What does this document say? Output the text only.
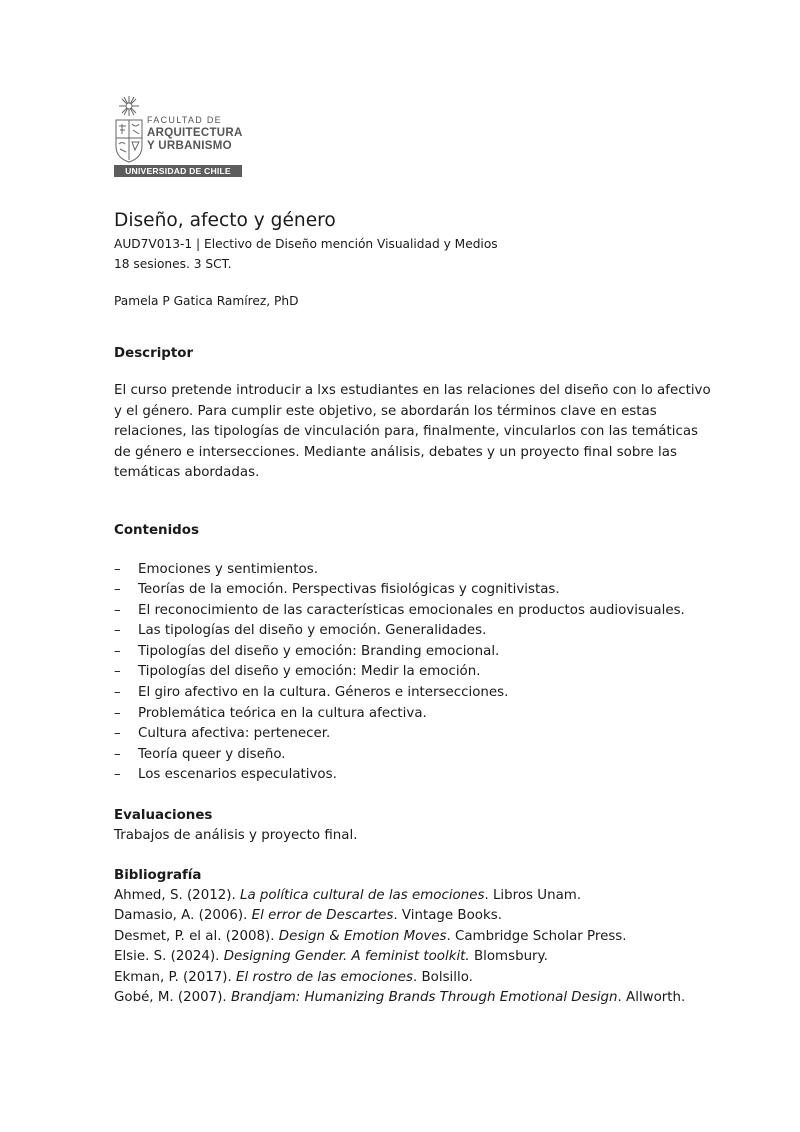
FACULTAD DE
ARQUITECTURA
Y URBANISMO
UNIVERSIDAD DE CHILE
Diseño, afecto y género

AUD7V013-1 | Electivo de Diseño mención Visualidad y Medios

18 sesiones. 3 SCT.

Pamela P Gatica Ramírez, PhD

Descriptor

El curso pretende introducir a lxs estudiantes en las relaciones del diseño con lo afectivo y el género. Para cumplir este objetivo, se abordarán los términos clave en estas relaciones, las tipologías de vinculación para, finalmente, vincularlos con las temáticas de género e intersecciones. Mediante análisis, debates y un proyecto final sobre las temáticas abordadas.

Contenidos
– Emociones y sentimientos.
– Teorías de la emoción. Perspectivas fisiológicas y cognitivistas.
– El reconocimiento de las características emocionales en productos audiovisuales.
– Las tipologías del diseño y emoción. Generalidades.
– Tipologías del diseño y emoción: Branding emocional.
– Tipologías del diseño y emoción: Medir la emoción.
– El giro afectivo en la cultura. Géneros e intersecciones.
– Problemática teórica en la cultura afectiva.
– Cultura afectiva: pertenecer.
– Teoría queer y diseño.
– Los escenarios especulativos.
Evaluaciones

Trabajos de análisis y proyecto final.

Bibliografía
Ahmed, S. (2012). La política cultural de las emociones. Libros Unam.
Damasio, A. (2006). El error de Descartes. Vintage Books.
Desmet, P. el al. (2008). Design & Emotion Moves. Cambridge Scholar Press.
Elsie. S. (2024). Designing Gender. A feminist toolkit. Blomsbury.
Ekman, P. (2017). El rostro de las emociones. Bolsillo.
Gobé, M. (2007). Brandjam: Humanizing Brands Through Emotional Design. Allworth.
